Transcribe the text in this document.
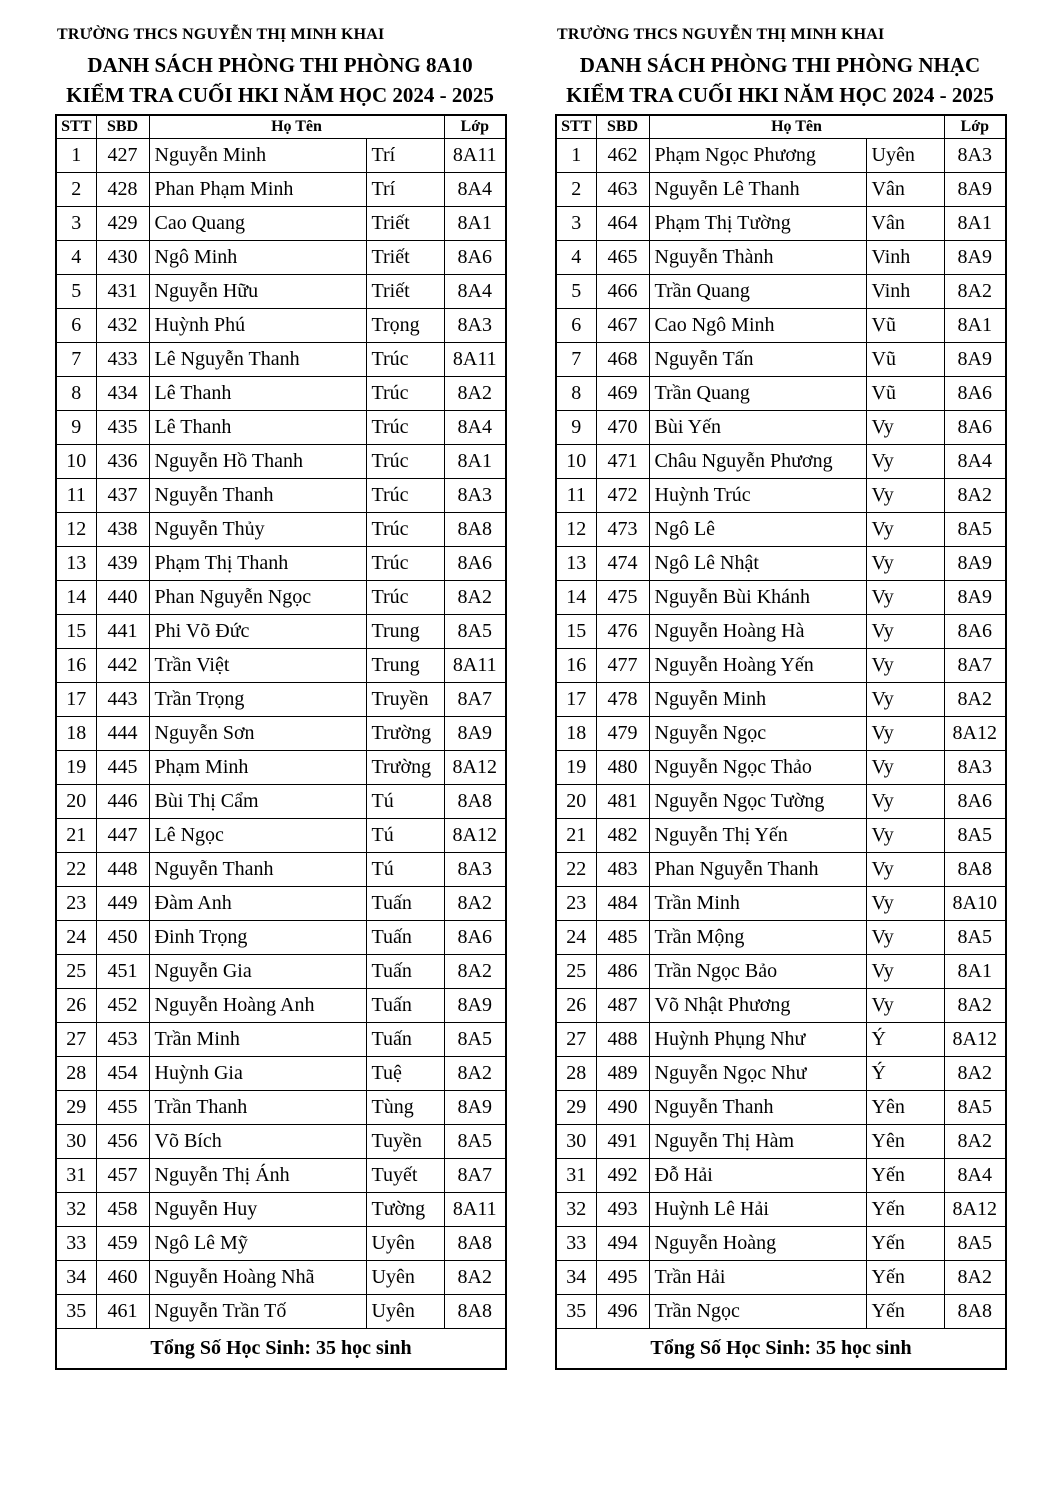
TRƯỜNG THCS NGUYỄN THỊ MINH KHAI
DANH SÁCH PHÒNG THI PHÒNG 8A10
KIỂM TRA CUỐI HKI NĂM HỌC 2024 - 2025
STT	SBD	Họ Tên		Lớp
1	427	Nguyễn Minh	Trí	8A11
2	428	Phan Phạm Minh	Trí	8A4
3	429	Cao Quang	Triết	8A1
4	430	Ngô Minh	Triết	8A6
5	431	Nguyễn Hữu	Triết	8A4
6	432	Huỳnh Phú	Trọng	8A3
7	433	Lê Nguyễn Thanh	Trúc	8A11
8	434	Lê Thanh	Trúc	8A2
9	435	Lê Thanh	Trúc	8A4
10	436	Nguyễn Hồ Thanh	Trúc	8A1
11	437	Nguyễn Thanh	Trúc	8A3
12	438	Nguyễn Thủy	Trúc	8A8
13	439	Phạm Thị Thanh	Trúc	8A6
14	440	Phan Nguyễn Ngọc	Trúc	8A2
15	441	Phi Võ Đức	Trung	8A5
16	442	Trần Việt	Trung	8A11
17	443	Trần Trọng	Truyền	8A7
18	444	Nguyễn Sơn	Trường	8A9
19	445	Phạm Minh	Trường	8A12
20	446	Bùi Thị Cẩm	Tú	8A8
21	447	Lê Ngọc	Tú	8A12
22	448	Nguyễn Thanh	Tú	8A3
23	449	Đàm Anh	Tuấn	8A2
24	450	Đinh Trọng	Tuấn	8A6
25	451	Nguyễn Gia	Tuấn	8A2
26	452	Nguyễn Hoàng Anh	Tuấn	8A9
27	453	Trần Minh	Tuấn	8A5
28	454	Huỳnh Gia	Tuệ	8A2
29	455	Trần Thanh	Tùng	8A9
30	456	Võ Bích	Tuyền	8A5
31	457	Nguyễn Thị Ánh	Tuyết	8A7
32	458	Nguyễn Huy	Tường	8A11
33	459	Ngô Lê Mỹ	Uyên	8A8
34	460	Nguyễn Hoàng Nhã	Uyên	8A2
35	461	Nguyễn Trần Tố	Uyên	8A8
Tổng Số Học Sinh: 35 học sinh				
TRƯỜNG THCS NGUYỄN THỊ MINH KHAI
DANH SÁCH PHÒNG THI PHÒNG NHẠC
KIỂM TRA CUỐI HKI NĂM HỌC 2024 - 2025
STT	SBD	Họ Tên		Lớp
1	462	Phạm Ngọc Phương	Uyên	8A3
2	463	Nguyễn Lê Thanh	Vân	8A9
3	464	Phạm Thị Tường	Vân	8A1
4	465	Nguyễn Thành	Vinh	8A9
5	466	Trần Quang	Vinh	8A2
6	467	Cao Ngô Minh	Vũ	8A1
7	468	Nguyễn Tấn	Vũ	8A9
8	469	Trần Quang	Vũ	8A6
9	470	Bùi Yến	Vy	8A6
10	471	Châu Nguyễn Phương	Vy	8A4
11	472	Huỳnh Trúc	Vy	8A2
12	473	Ngô Lê	Vy	8A5
13	474	Ngô Lê Nhật	Vy	8A9
14	475	Nguyễn Bùi Khánh	Vy	8A9
15	476	Nguyễn Hoàng Hà	Vy	8A6
16	477	Nguyễn Hoàng Yến	Vy	8A7
17	478	Nguyễn Minh	Vy	8A2
18	479	Nguyễn Ngọc	Vy	8A12
19	480	Nguyễn Ngọc Thảo	Vy	8A3
20	481	Nguyễn Ngọc Tường	Vy	8A6
21	482	Nguyễn Thị Yến	Vy	8A5
22	483	Phan Nguyễn Thanh	Vy	8A8
23	484	Trần Minh	Vy	8A10
24	485	Trần Mộng	Vy	8A5
25	486	Trần Ngọc Bảo	Vy	8A1
26	487	Võ Nhật Phương	Vy	8A2
27	488	Huỳnh Phụng Như	Ý	8A12
28	489	Nguyễn Ngọc Như	Ý	8A2
29	490	Nguyễn Thanh	Yên	8A5
30	491	Nguyễn Thị Hàm	Yên	8A2
31	492	Đỗ Hải	Yến	8A4
32	493	Huỳnh Lê Hải	Yến	8A12
33	494	Nguyễn Hoàng	Yến	8A5
34	495	Trần Hải	Yến	8A2
35	496	Trần Ngọc	Yến	8A8
Tổng Số Học Sinh: 35 học sinh				
